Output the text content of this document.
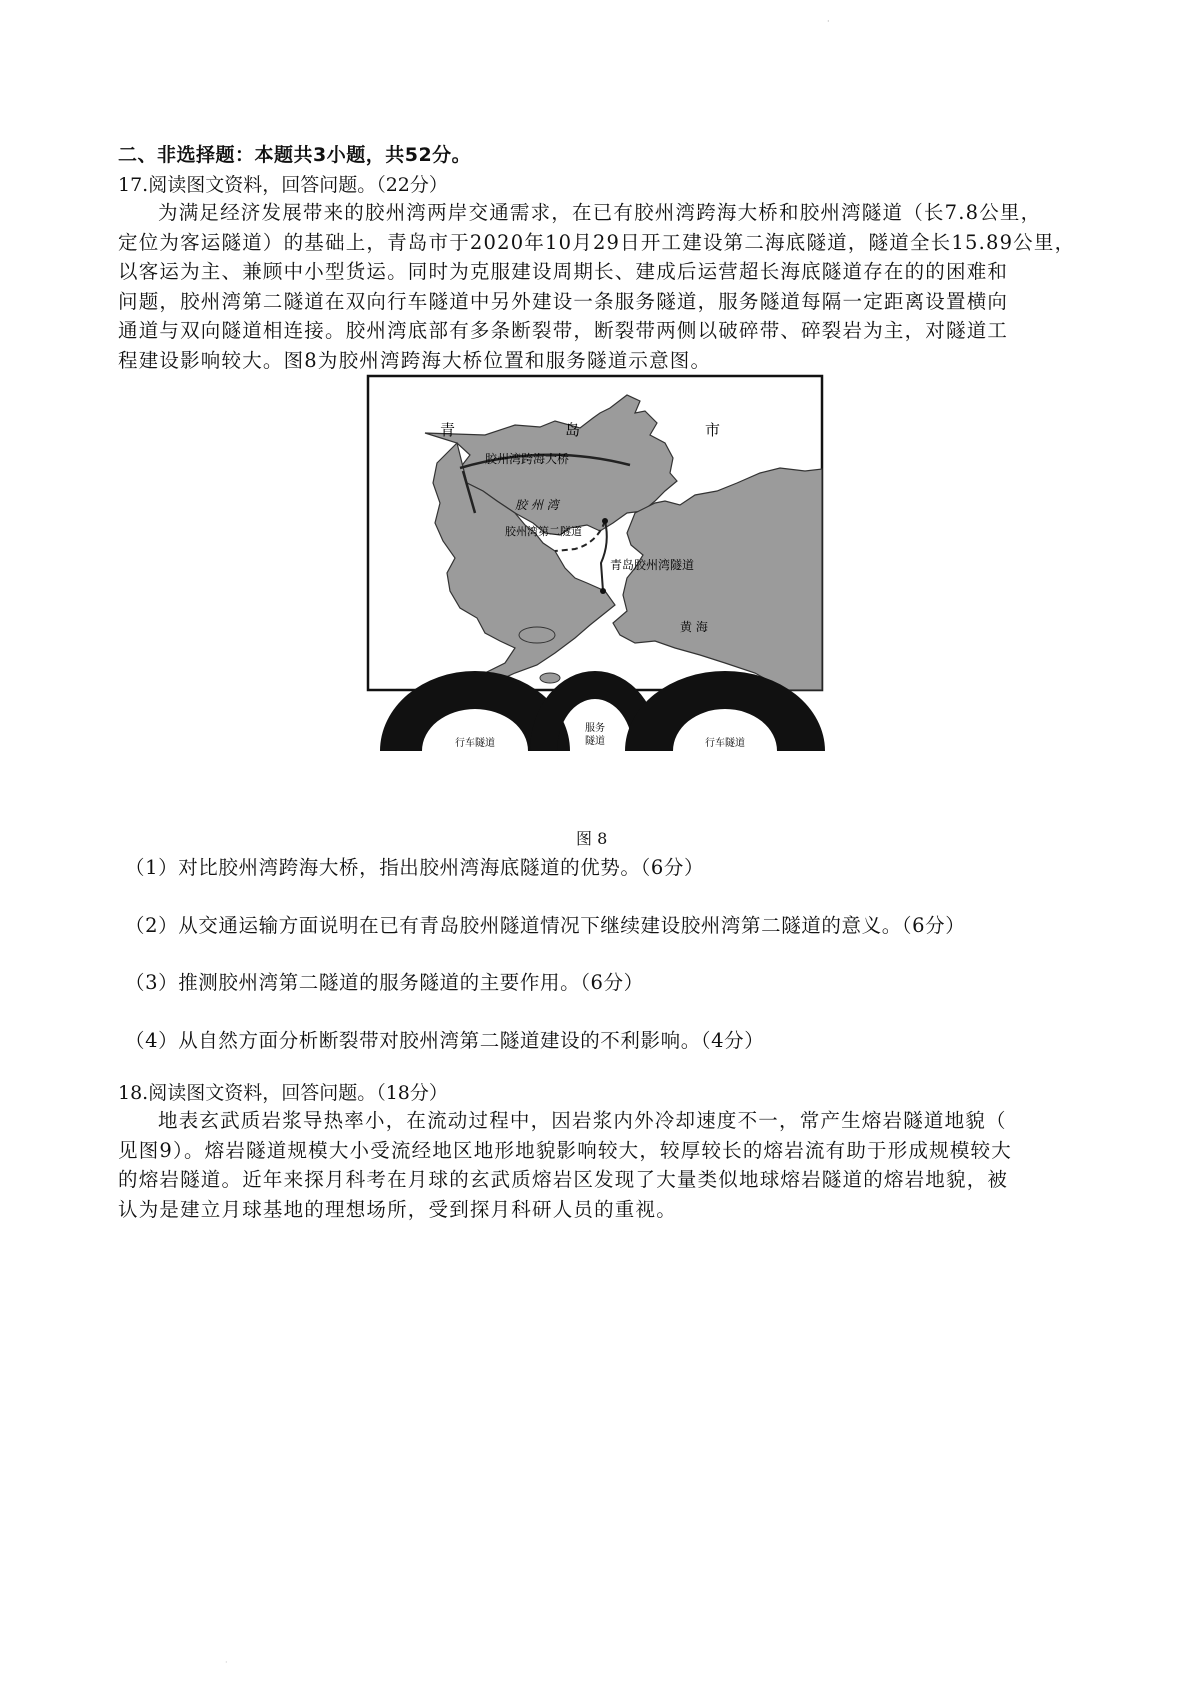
·
二、非选择题：本题共3小题，共52分。
17.阅读图文资料，回答问题。（22分）
为满足经济发展带来的胶州湾两岸交通需求，在已有胶州湾跨海大桥和胶州湾隧道（长7.8公里，
定位为客运隧道）的基础上，青岛市于2020年10月29日开工建设第二海底隧道，隧道全长15.89公里，
以客运为主、兼顾中小型货运。同时为克服建设周期长、建成后运营超长海底隧道存在的的困难和
问题，胶州湾第二隧道在双向行车隧道中另外建设一条服务隧道，服务隧道每隔一定距离设置横向
通道与双向隧道相连接。胶州湾底部有多条断裂带，断裂带两侧以破碎带、碎裂岩为主，对隧道工
程建设影响较大。图8为胶州湾跨海大桥位置和服务隧道示意图。
青	岛	市
胶州湾跨海大桥
胶 州 湾
胶州湾第二隧道
青岛胶州湾隧道
黄 海
行车隧道
服务
隧道	行车隧道
图 8
（1）对比胶州湾跨海大桥，指出胶州湾海底隧道的优势。（6分）
（2）从交通运输方面说明在已有青岛胶州隧道情况下继续建设胶州湾第二隧道的意义。（6分）
（3）推测胶州湾第二隧道的服务隧道的主要作用。（6分）
（4）从自然方面分析断裂带对胶州湾第二隧道建设的不利影响。（4分）
18.阅读图文资料，回答问题。（18分）
地表玄武质岩浆导热率小，在流动过程中，因岩浆内外冷却速度不一，常产生熔岩隧道地貌（
见图9）。熔岩隧道规模大小受流经地区地形地貌影响较大，较厚较长的熔岩流有助于形成规模较大
的熔岩隧道。近年来探月科考在月球的玄武质熔岩区发现了大量类似地球熔岩隧道的熔岩地貌，被
认为是建立月球基地的理想场所，受到探月科研人员的重视。
·
